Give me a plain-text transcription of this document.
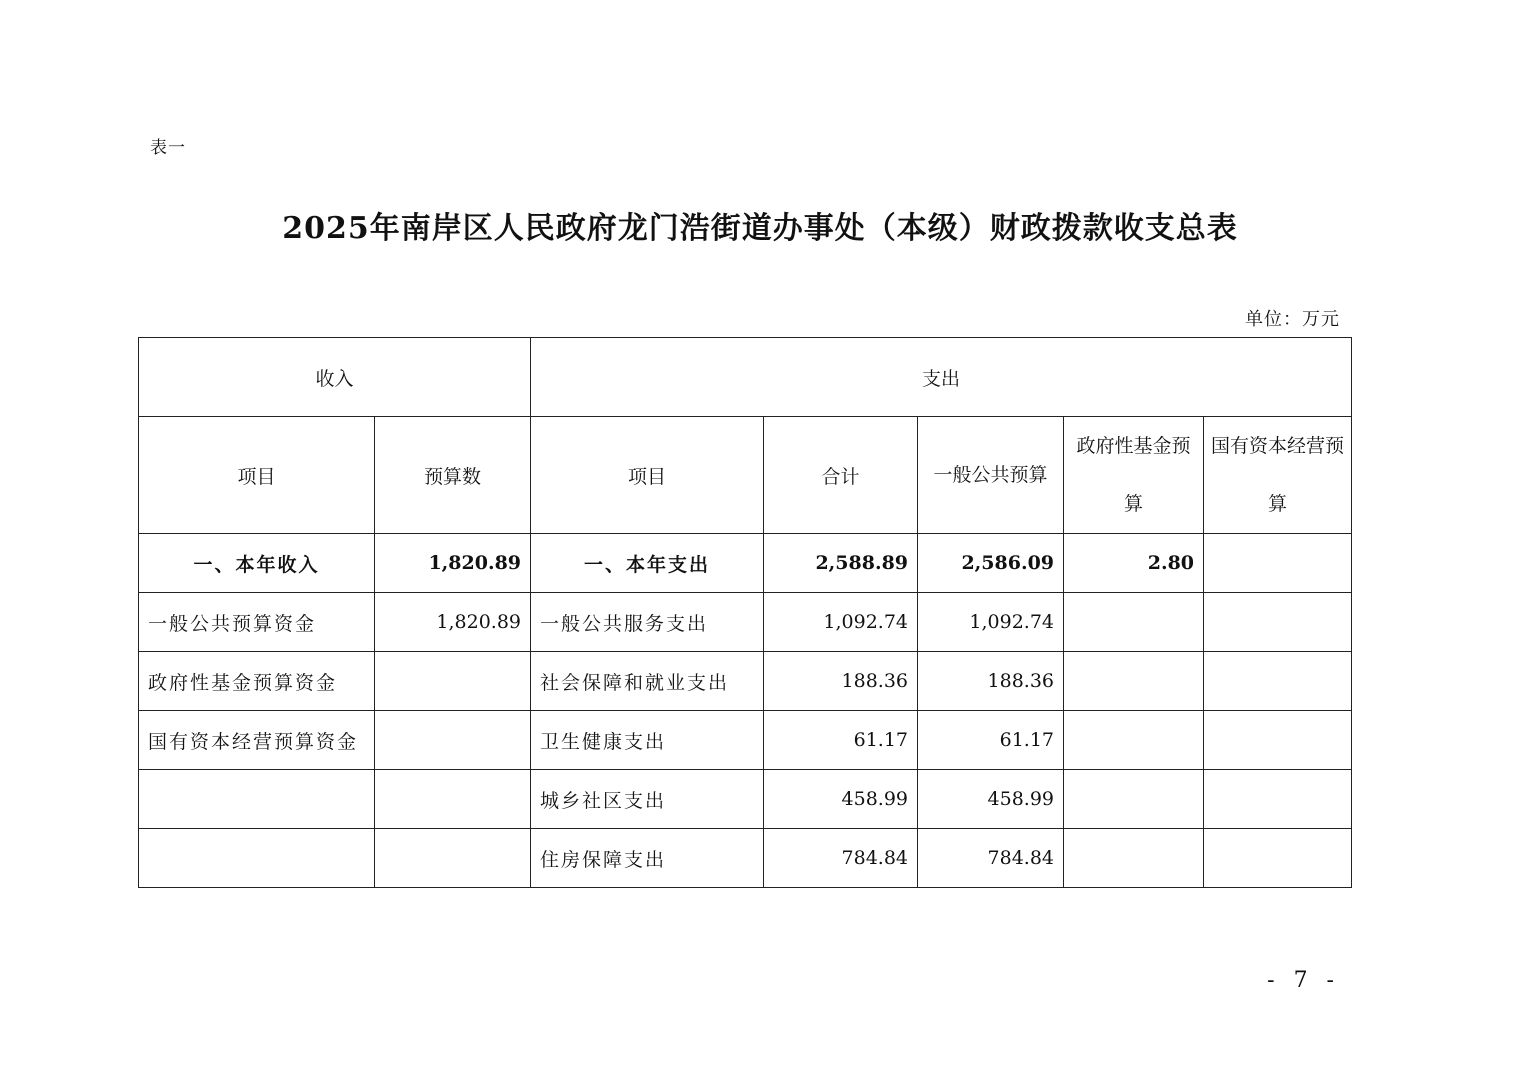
表一
2025年南岸区人民政府龙门浩街道办事处（本级）财政拨款收支总表
单位：万元
收入		支出				
项目	预算数	项目	合计	一般公共预算	政府性基金预算	国有资本经营预算
一、本年收入	1,820.89	一、本年支出	2,588.89	2,586.09	2.80	
一般公共预算资金	1,820.89	一般公共服务支出	1,092.74	1,092.74		
政府性基金预算资金		社会保障和就业支出	188.36	188.36		
国有资本经营预算资金		卫生健康支出	61.17	61.17		
		城乡社区支出	458.99	458.99		
		住房保障支出	784.84	784.84		
- 7 -
